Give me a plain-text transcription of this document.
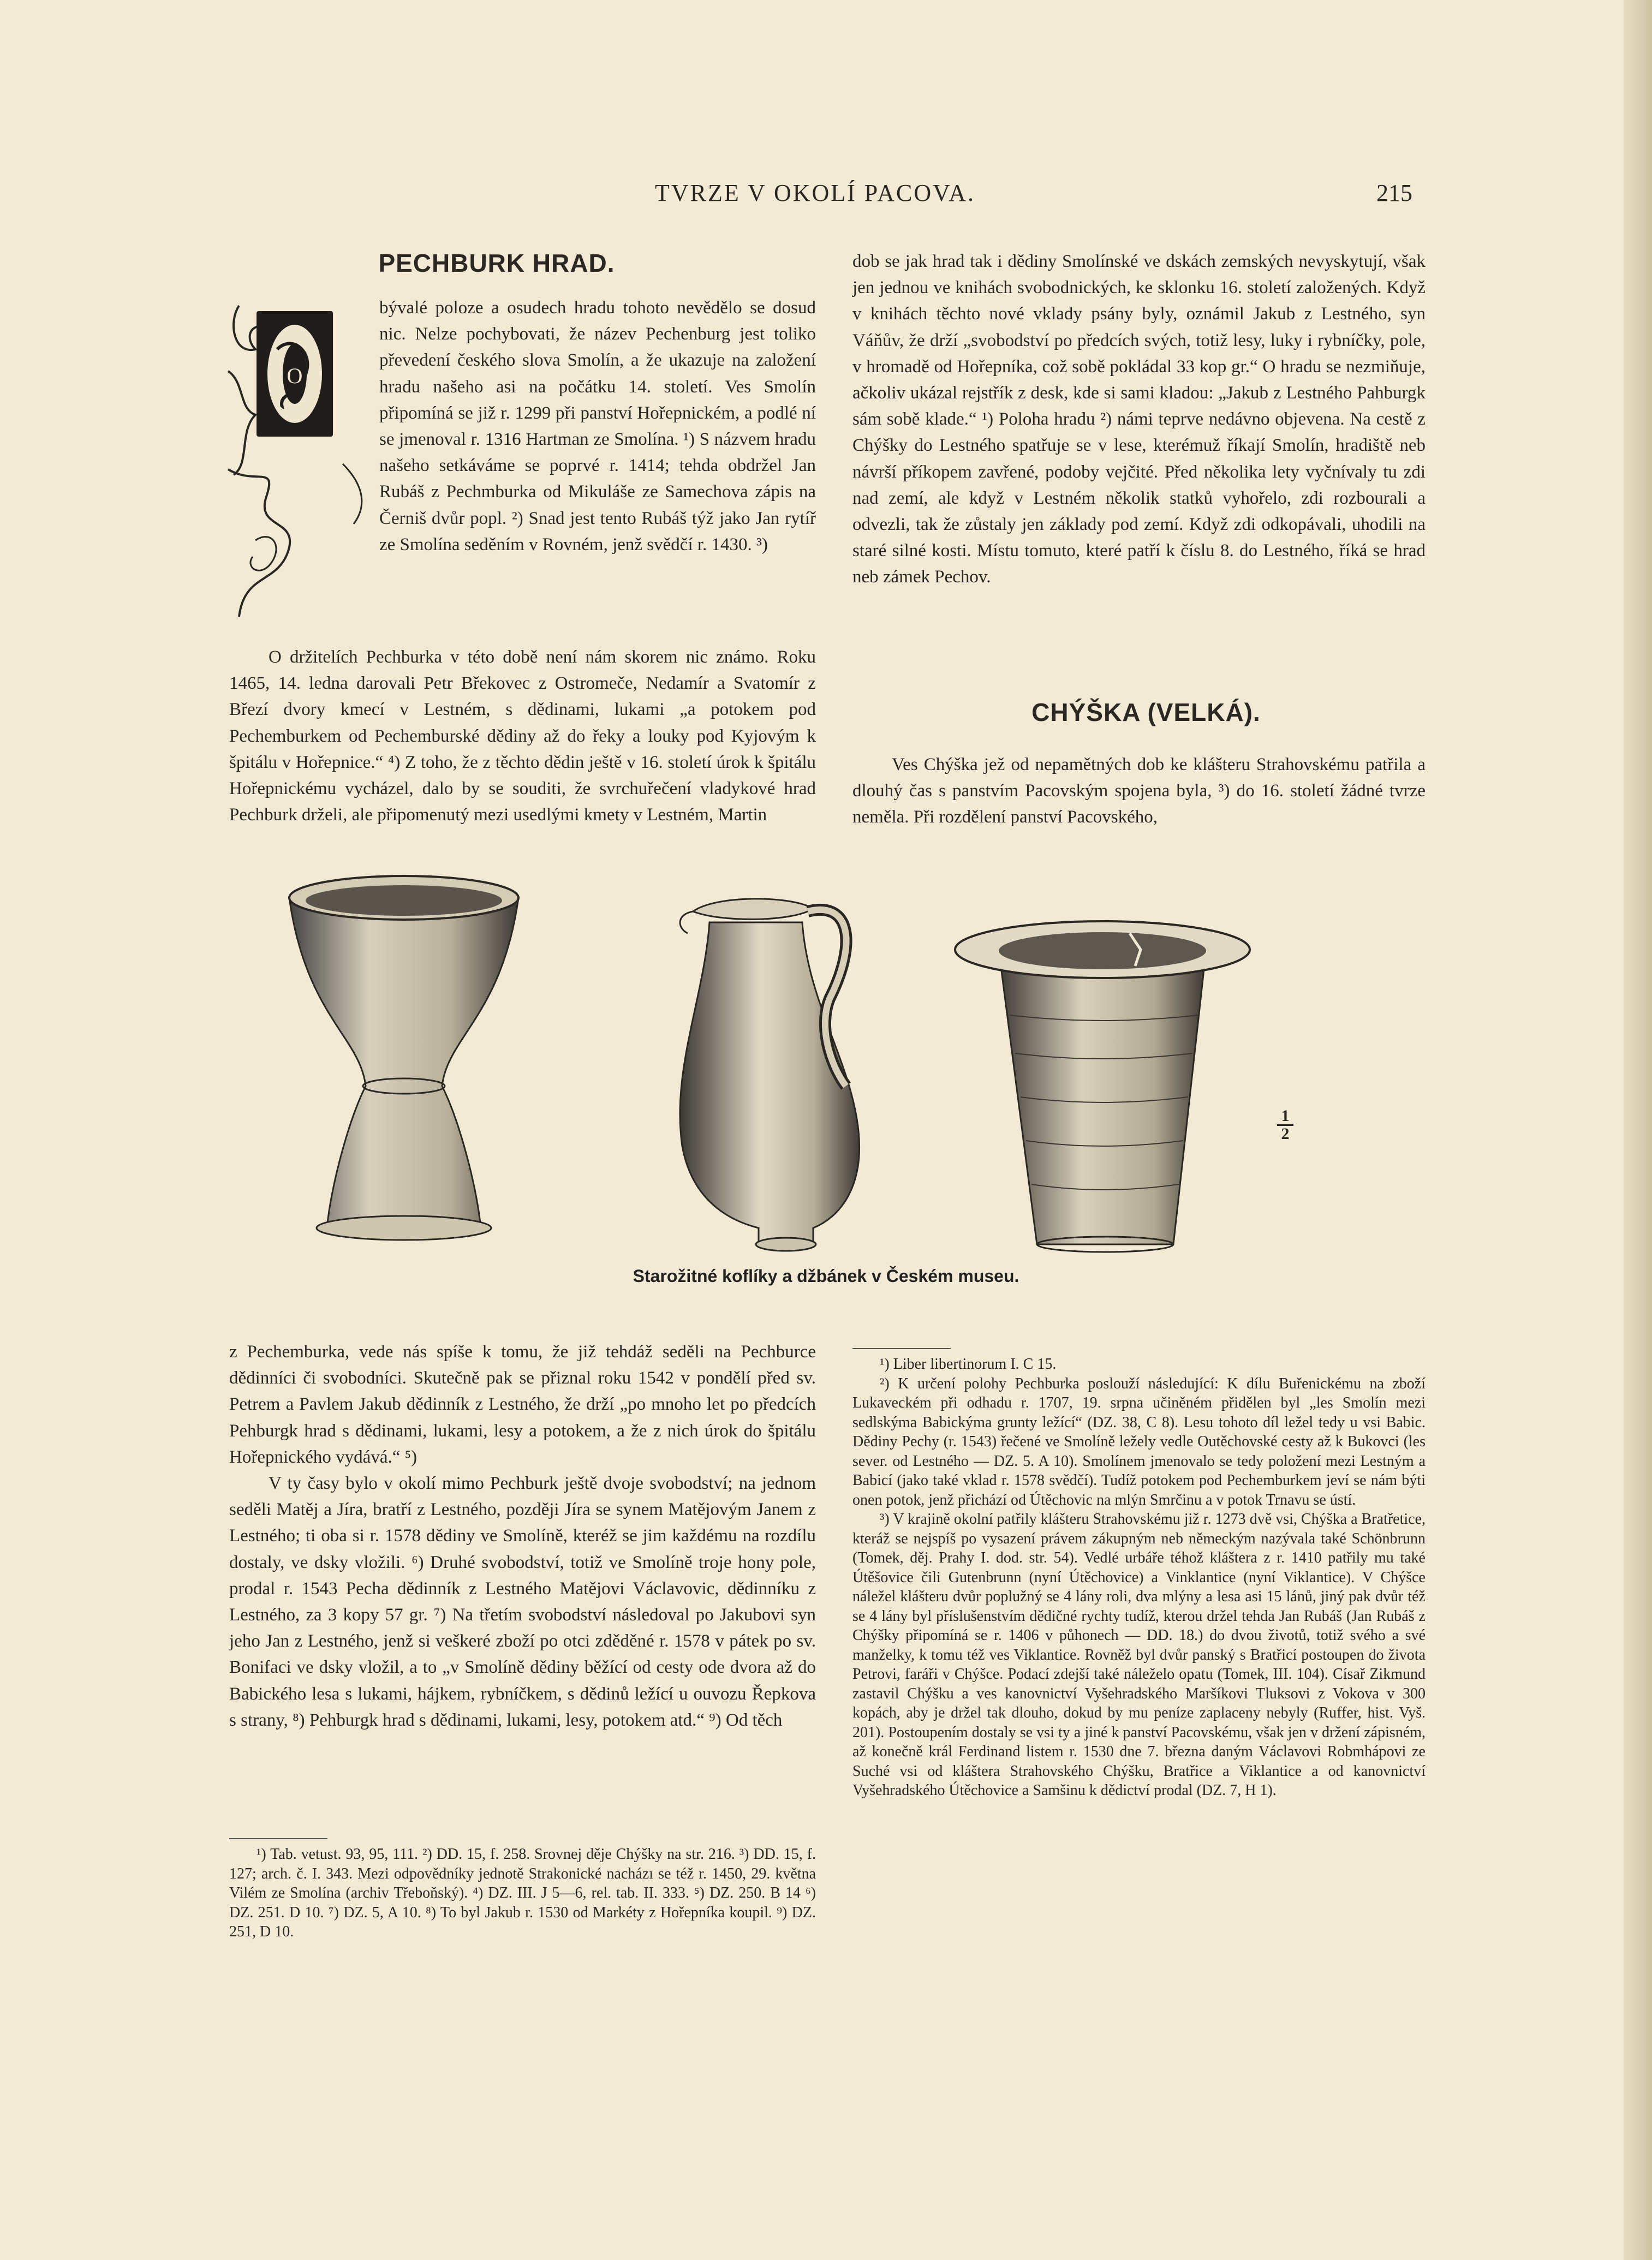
TVRZE V OKOLÍ PACOVA.	215
PECHBURK HRAD.
O

bývalé poloze a osudech hradu tohoto nevědělo se dosud nic. Nelze pochybovati, že název Pechenburg jest toliko převedení českého slova Smolín, a že ukazuje na založení hradu našeho asi na počátku 14. století. Ves Smolín připomíná se již r. 1299 při panství Hořepnickém, a podlé ní se jmenoval r. 1316 Hartman ze Smolína. ¹) S názvem hradu našeho setkáváme se poprvé r. 1414; tehda obdržel Jan Rubáš z Pechmburka od Mikuláše ze Samechova zápis na Černiš dvůr popl. ²) Snad jest tento Rubáš týž jako Jan rytíř ze Smolína seděním v Rovném, jenž svědčí r. 1430. ³)

O držitelích Pechburka v této době není nám skorem nic známo. Roku 1465, 14. ledna darovali Petr Břekovec z Ostromeče, Nedamír a Svatomír z Březí dvory kmecí v Lestném, s dědinami, lukami „a potokem pod Pechemburkem od Pechemburské dědiny až do řeky a louky pod Kyjovým k špitálu v Hořepnice.“ ⁴) Z toho, že z těchto dědin ještě v 16. století úrok k špitálu Hořepnickému vycházel, dalo by se souditi, že svrchuřečení vladykové hrad Pechburk drželi, ale připomenutý mezi usedlými kmety v Lestném, Martin

dob se jak hrad tak i dědiny Smolínské ve dskách zemských nevyskytují, však jen jednou ve knihách svobodnických, ke sklonku 16. století založených. Když v knihách těchto nové vklady psány byly, oznámil Jakub z Lestného, syn Váňův, že drží „svobodství po předcích svých, totiž lesy, luky i rybníčky, pole, v hromadě od Hořepníka, což sobě pokládal 33 kop gr.“ O hradu se nezmiňuje, ačkoliv ukázal rejstřík z desk, kde si sami kladou: „Jakub z Lestného Pahburgk sám sobě klade.“ ¹) Poloha hradu ²) námi teprve nedávno objevena. Na cestě z Chýšky do Lestného spatřuje se v lese, kterémuž říkají Smolín, hradiště neb návrší příkopem zavřené, podoby vejčité. Před několika lety vyčnívaly tu zdi nad zemí, ale když v Lestném několik statků vyhořelo, zdi rozbourali a odvezli, tak že zůstaly jen základy pod zemí. Když zdi odkopávali, uhodili na staré silné kosti. Místu tomuto, které patří k číslu 8. do Lestného, říká se hrad neb zámek Pechov.

CHÝŠKA (VELKÁ).

Ves Chýška jež od nepamětných dob ke klášteru Strahovskému patřila a dlouhý čas s panstvím Pacovským spojena byla, ³) do 16. století žádné tvrze neměla. Při rozdělení panství Pacovského,

$\frac{1}{2}$
Starožitné koflíky a džbánek v Českém museu.

z Pechemburka, vede nás spíše k tomu, že již tehdáž seděli na Pechburce dědinníci či svobodníci. Skutečně pak se přiznal roku 1542 v pondělí před sv. Petrem a Pavlem Jakub dědinník z Lestného, že drží „po mnoho let po předcích Pehburgk hrad s dědinami, lukami, lesy a potokem, a že z nich úrok do špitálu Hořepnického vydává.“ ⁵)

V ty časy bylo v okolí mimo Pechburk ještě dvoje svobodství; na jednom seděli Matěj a Jíra, bratří z Lestného, později Jíra se synem Matějovým Janem z Lestného; ti oba si r. 1578 dědiny ve Smolíně, kteréž se jim každému na rozdílu dostaly, ve dsky vložili. ⁶) Druhé svobodství, totiž ve Smolíně troje hony pole, prodal r. 1543 Pecha dědinník z Lestného Matějovi Václavovic, dědinníku z Lestného, za 3 kopy 57 gr. ⁷) Na třetím svobodství následoval po Jakubovi syn jeho Jan z Lestného, jenž si veškeré zboží po otci zděděné r. 1578 v pátek po sv. Bonifaci ve dsky vložil, a to „v Smolíně dědiny běžící od cesty ode dvora až do Babického lesa s lukami, hájkem, rybníčkem, s dědinů ležící u ouvozu Řepkova s strany, ⁸) Pehburgk hrad s dědinami, lukami, lesy, potokem atd.“ ⁹) Od těch

¹) Tab. vetust. 93, 95, 111. ²) DD. 15, f. 258. Srovnej děje Chýšky na str. 216. ³) DD. 15, f. 127; arch. č. I. 343. Mezi odpovědníky jednotě Strakonické nacházı se též r. 1450, 29. května Vilém ze Smolína (archiv Třeboňský). ⁴) DZ. III. J 5—6, rel. tab. II. 333. ⁵) DZ. 250. B 14 ⁶) DZ. 251. D 10. ⁷) DZ. 5, A 10. ⁸) To byl Jakub r. 1530 od Markéty z Hořepníka koupil. ⁹) DZ. 251, D 10.

¹) Liber libertinorum I. C 15.

²) K určení polohy Pechburka poslouží následující: K dílu Buřenickému na zboží Lukaveckém při odhadu r. 1707, 19. srpna učiněném přidělen byl „les Smolín mezi sedlskýma Babickýma grunty ležící“ (DZ. 38, C 8). Lesu tohoto díl ležel tedy u vsi Babic. Dědiny Pechy (r. 1543) řečené ve Smolíně ležely vedle Outěchovské cesty až k Bukovci (les sever. od Lestného — DZ. 5. A 10). Smolínem jmenovalo se tedy položení mezi Lestným a Babicí (jako také vklad r. 1578 svědčí). Tudíž potokem pod Pechemburkem jeví se nám býti onen potok, jenž přichází od Útěchovic na mlýn Smrčinu a v potok Trnavu se ústí.

³) V krajině okolní patřily klášteru Strahovskému již r. 1273 dvě vsi, Chýška a Bratřetice, kteráž se nejspíš po vysazení právem zákupným neb německým nazývala také Schönbrunn (Tomek, děj. Prahy I. dod. str. 54). Vedlé urbáře téhož kláštera z r. 1410 patřily mu také Útěšovice čili Gutenbrunn (nyní Útěchovice) a Vinklantice (nyní Viklantice). V Chýšce náležel klášteru dvůr poplužný se 4 lány roli, dva mlýny a lesa asi 15 lánů, jiný pak dvůr též se 4 lány byl příslušenstvím dědičné rychty tudíž, kterou držel tehda Jan Rubáš (Jan Rubáš z Chýšky připomíná se r. 1406 v půhonech — DD. 18.) do dvou životů, totiž svého a své manželky, k tomu též ves Viklantice. Rovněž byl dvůr panský s Bratřicí postoupen do života Petrovi, faráři v Chýšce. Podací zdejší také náleželo opatu (Tomek, III. 104). Císař Zikmund zastavil Chýšku a ves kanovnictví Vyšehradského Maršíkovi Tluksovi z Vokova v 300 kopách, aby je držel tak dlouho, dokud by mu peníze zaplaceny nebyly (Ruffer, hist. Vyš. 201). Postoupením dostaly se vsi ty a jiné k panství Pacovskému, však jen v držení zápisném, až konečně král Ferdinand listem r. 1530 dne 7. března daným Václavovi Robmhápovi ze Suché vsi od kláštera Strahovského Chýšku, Bratřice a Viklantice a od kanovnictví Vyšehradského Útěchovice a Samšinu k dědictví prodal (DZ. 7, H 1).
